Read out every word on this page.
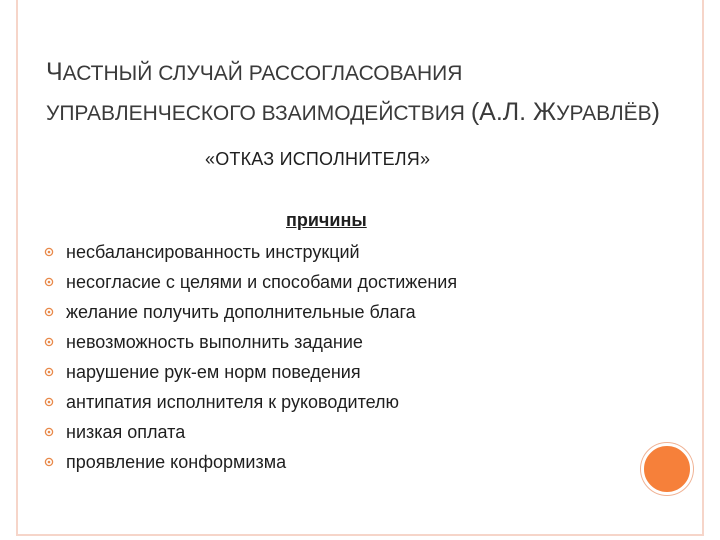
ЧАСТНЫЙ СЛУЧАЙ РАССОГЛАСОВАНИЯ
УПРАВЛЕНЧЕСКОГО ВЗАИМОДЕЙСТВИЯ (А.Л. ЖУРАВЛЁВ)
«ОТКАЗ ИСПОЛНИТЕЛЯ»
причины
несбалансированность инструкций
несогласие с целями и способами достижения
желание получить дополнительные блага
невозможность выполнить задание
нарушение рук-ем норм поведения
антипатия исполнителя к руководителю
низкая оплата
проявление конформизма
